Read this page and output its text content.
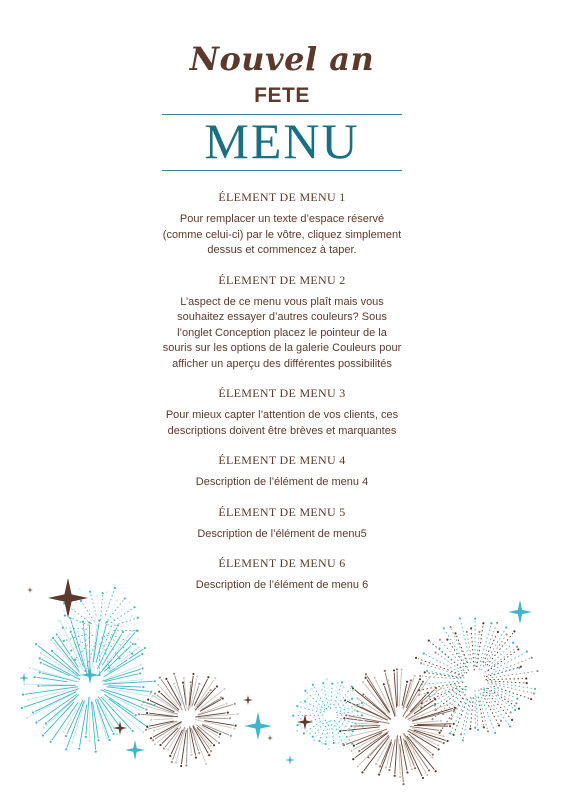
Nouvel an
FETE
MENU
ÉLEMENT DE MENU 1
Pour remplacer un texte d’espace réservé (comme celui-ci) par le vôtre, cliquez simplement dessus et commencez à taper.
ÉLEMENT DE MENU 2
L’aspect de ce menu vous plaît mais vous souhaitez essayer d’autres couleurs? Sous l’onglet Conception placez le pointeur de la souris sur les options de la galerie Couleurs pour afficher un aperçu des différentes possibilités
ÉLEMENT DE MENU 3
Pour mieux capter l’attention de vos clients, ces descriptions doivent être brèves et marquantes
ÉLEMENT DE MENU 4
Description de l’élément de menu 4
ÉLEMENT DE MENU 5
Description de l’élément de menu5
ÉLEMENT DE MENU 6
Description de l’élément de menu 6
